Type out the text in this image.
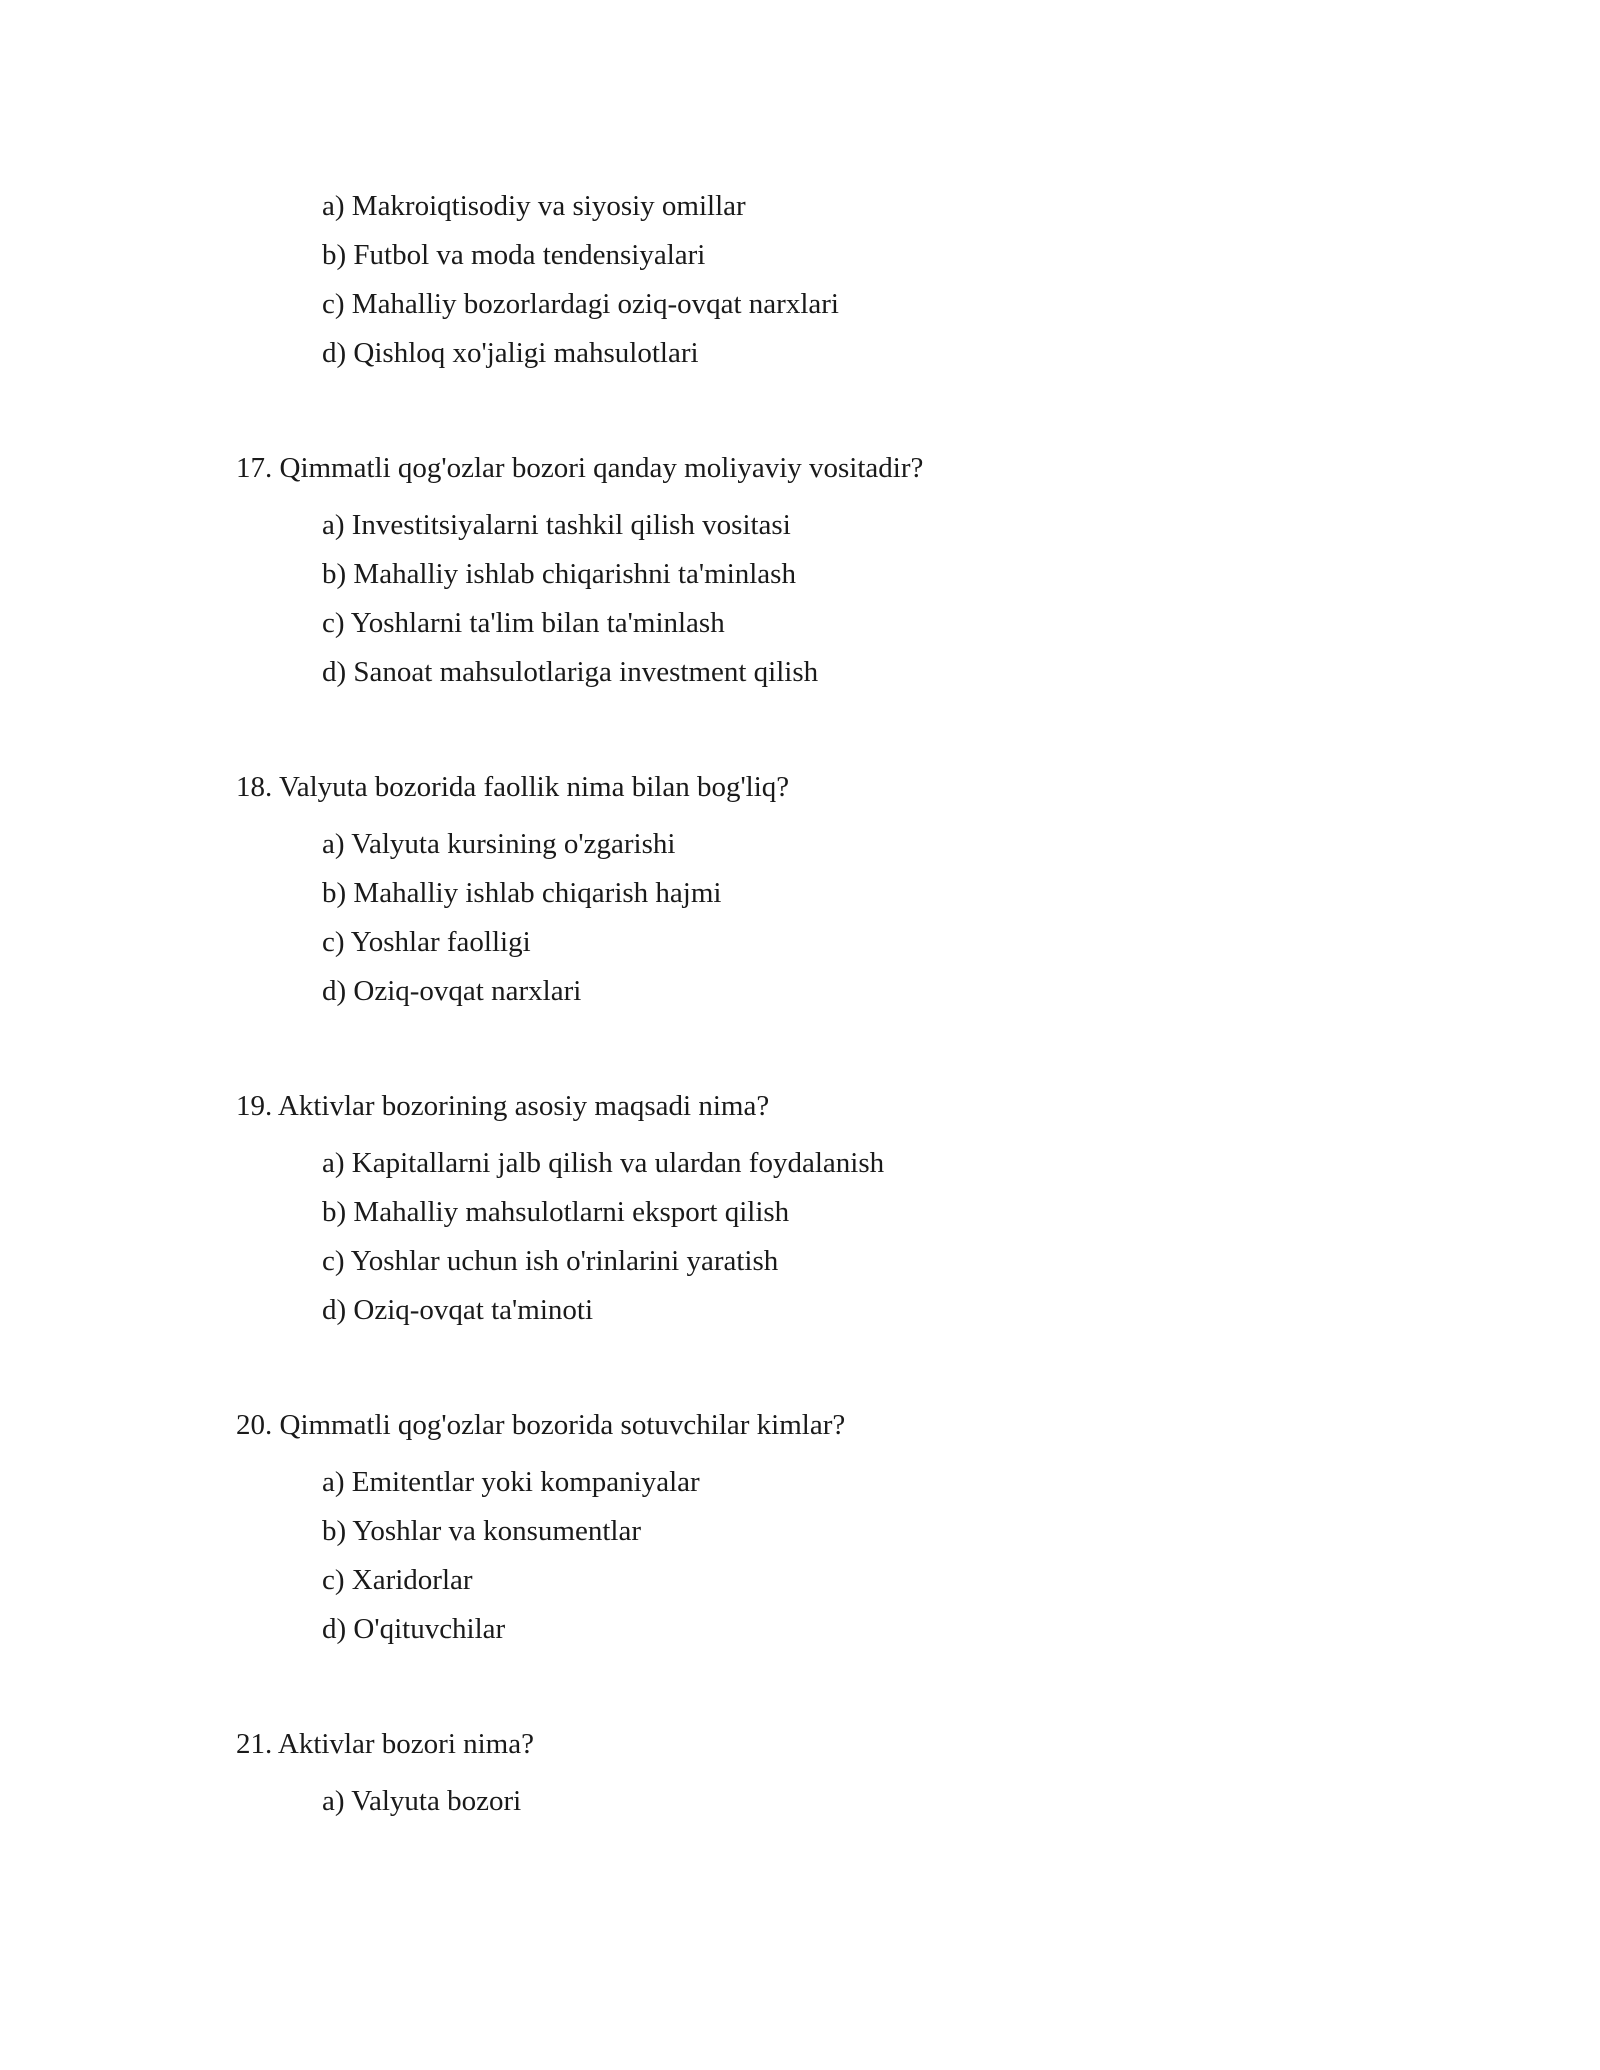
a) Makroiqtisodiy va siyosiy omillar
b) Futbol va moda tendensiyalari
c) Mahalliy bozorlardagi oziq-ovqat narxlari
d) Qishloq xo'jaligi mahsulotlari
17. Qimmatli qog'ozlar bozori qanday moliyaviy vositadir?
a) Investitsiyalarni tashkil qilish vositasi
b) Mahalliy ishlab chiqarishni ta'minlash
c) Yoshlarni ta'lim bilan ta'minlash
d) Sanoat mahsulotlariga investment qilish
18. Valyuta bozorida faollik nima bilan bog'liq?
a) Valyuta kursining o'zgarishi
b) Mahalliy ishlab chiqarish hajmi
c) Yoshlar faolligi
d) Oziq-ovqat narxlari
19. Aktivlar bozorining asosiy maqsadi nima?
a) Kapitallarni jalb qilish va ulardan foydalanish
b) Mahalliy mahsulotlarni eksport qilish
c) Yoshlar uchun ish o'rinlarini yaratish
d) Oziq-ovqat ta'minoti
20. Qimmatli qog'ozlar bozorida sotuvchilar kimlar?
a) Emitentlar yoki kompaniyalar
b) Yoshlar va konsumentlar
c) Xaridorlar
d) O'qituvchilar
21. Aktivlar bozori nima?
a) Valyuta bozori
